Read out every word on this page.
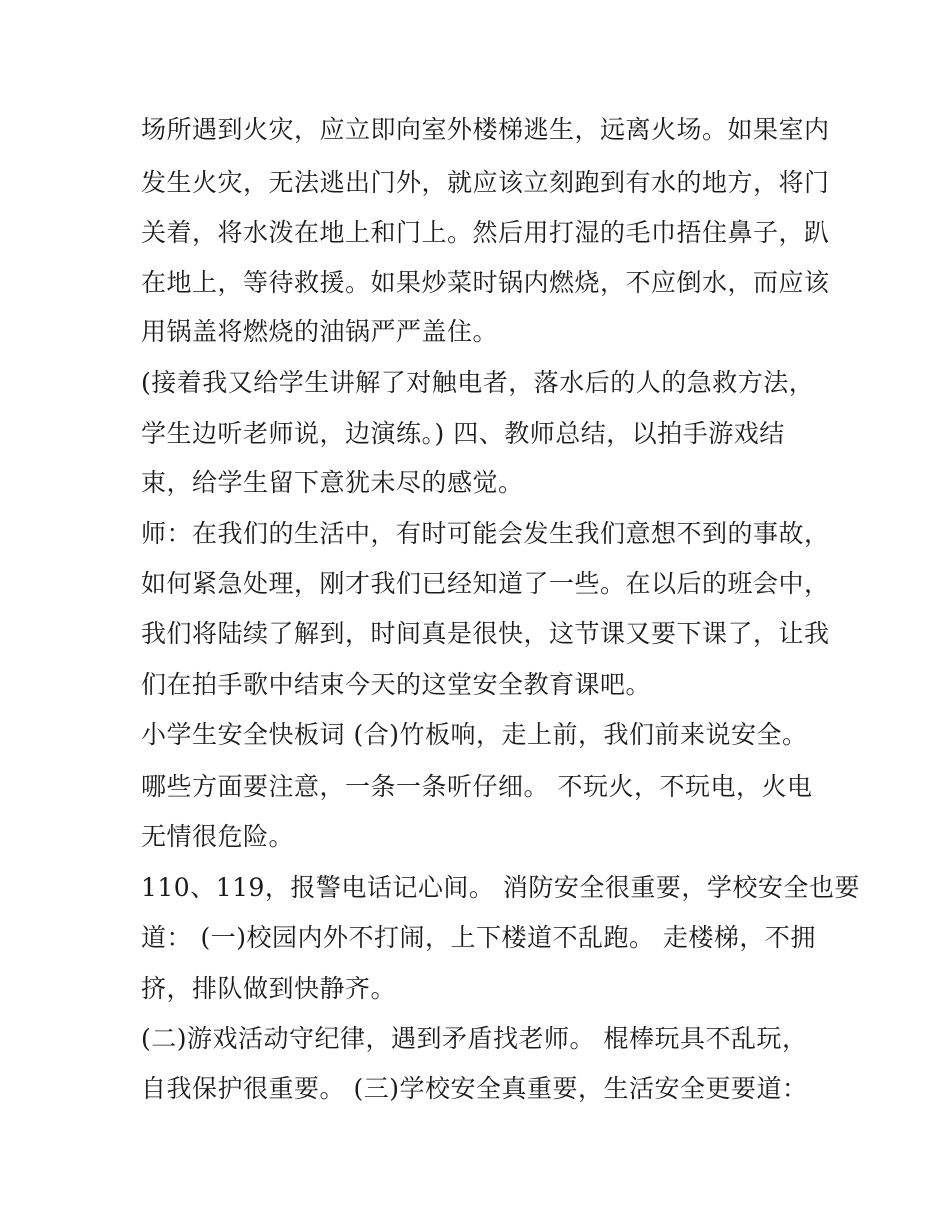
场所遇到火灾，应立即向室外楼梯逃生，远离火场。如果室内
发生火灾，无法逃出门外，就应该立刻跑到有水的地方，将门
关着，将水泼在地上和门上。然后用打湿的毛巾捂住鼻子，趴
在地上，等待救援。如果炒菜时锅内燃烧，不应倒水，而应该
用锅盖将燃烧的油锅严严盖住。
(接着我又给学生讲解了对触电者，落水后的人的急救方法，
学生边听老师说，边演练。) 四、教师总结，以拍手游戏结
束，给学生留下意犹未尽的感觉。
师：在我们的生活中，有时可能会发生我们意想不到的事故，
如何紧急处理，刚才我们已经知道了一些。在以后的班会中，
我们将陆续了解到，时间真是很快，这节课又要下课了，让我
们在拍手歌中结束今天的这堂安全教育课吧。
小学生安全快板词 (合)竹板响，走上前，我们前来说安全。
哪些方面要注意，一条一条听仔细。 不玩火，不玩电，火电
无情很危险。
110、119，报警电话记心间。 消防安全很重要，学校安全也要
道： (一)校园内外不打闹，上下楼道不乱跑。 走楼梯，不拥
挤，排队做到快静齐。
(二)游戏活动守纪律，遇到矛盾找老师。 棍棒玩具不乱玩，
自我保护很重要。 (三)学校安全真重要，生活安全更要道：
